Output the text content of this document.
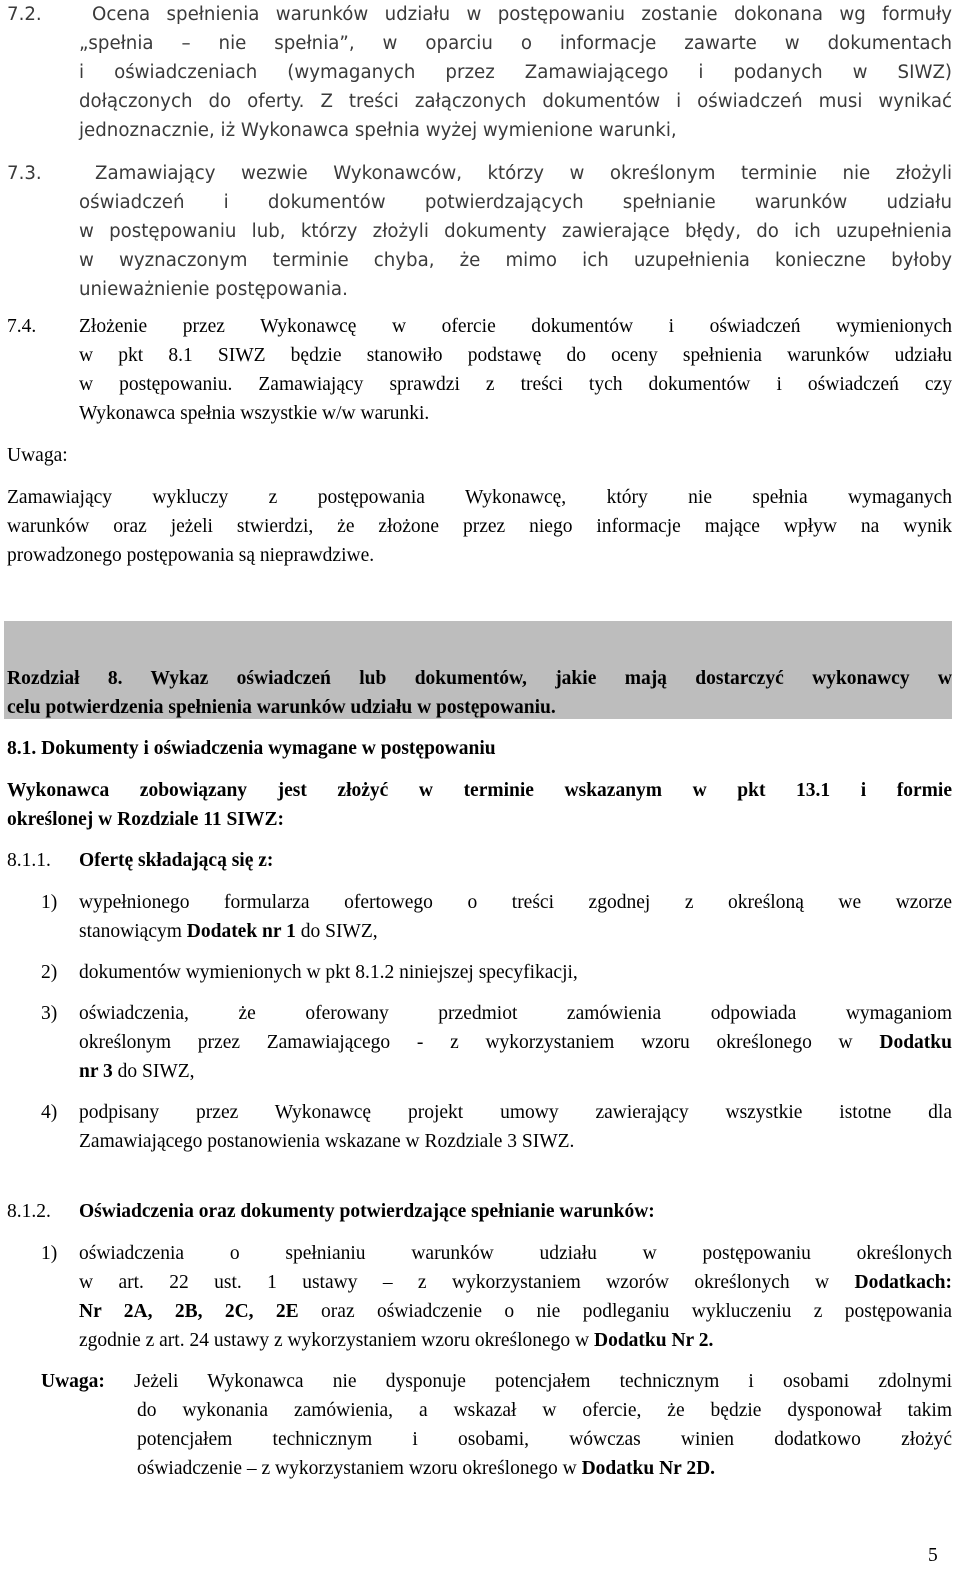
7.2.	Ocena spełnienia warunków udziału w postępowaniu zostanie dokonana wg formuły
„spełnia – nie spełnia”, w oparciu o informacje zawarte w dokumentach
i oświadczeniach (wymaganych przez Zamawiającego i podanych w SIWZ)
dołączonych do oferty. Z treści załączonych dokumentów i oświadczeń musi wynikać
jednoznacznie, iż Wykonawca spełnia wyżej wymienione warunki,
7.3.	Zamawiający wezwie Wykonawców, którzy w określonym terminie nie złożyli
oświadczeń i dokumentów potwierdzających spełnianie warunków udziału
w postępowaniu lub, którzy złożyli dokumenty zawierające błędy, do ich uzupełnienia
w wyznaczonym terminie chyba, że mimo ich uzupełnienia konieczne byłoby
unieważnienie postępowania.
7.4. Złożenie przez Wykonawcę w ofercie dokumentów i oświadczeń wymienionych
w pkt 8.1 SIWZ będzie stanowiło podstawę do oceny spełnienia warunków udziału
w postępowaniu. Zamawiający sprawdzi z treści tych dokumentów i oświadczeń czy
Wykonawca spełnia wszystkie w/w warunki.
Uwaga:
Zamawiający wykluczy z postępowania Wykonawcę, który nie spełnia wymaganych
warunków oraz jeżeli stwierdzi, że złożone przez niego informacje mające wpływ na wynik
prowadzonego postępowania są nieprawdziwe.
Rozdział 8. Wykaz oświadczeń lub dokumentów, jakie mają dostarczyć wykonawcy w
celu potwierdzenia spełnienia warunków udziału w postępowaniu.
8.1. Dokumenty i oświadczenia wymagane w postępowaniu
Wykonawca zobowiązany jest złożyć w terminie wskazanym w pkt 13.1 i formie
określonej w Rozdziale 11 SIWZ:
8.1.1. Ofertę składającą się z:
1) wypełnionego formularza ofertowego o treści zgodnej z określoną we wzorze
stanowiącym Dodatek nr 1 do SIWZ,
2) dokumentów wymienionych w pkt 8.1.2 niniejszej specyfikacji,
3) oświadczenia, że oferowany przedmiot zamówienia odpowiada wymaganiom
określonym przez Zamawiającego - z wykorzystaniem wzoru określonego w Dodatku
nr 3 do SIWZ,
4) podpisany przez Wykonawcę projekt umowy zawierający wszystkie istotne dla
Zamawiającego postanowienia wskazane w Rozdziale 3 SIWZ.
8.1.2. Oświadczenia oraz dokumenty potwierdzające spełnianie warunków:
1) oświadczenia o spełnianiu warunków udziału w postępowaniu określonych
w art. 22 ust. 1 ustawy – z wykorzystaniem wzorów określonych w Dodatkach:
Nr 2A, 2B, 2C, 2E oraz oświadczenie o nie podleganiu wykluczeniu z postępowania
zgodnie z art. 24 ustawy z wykorzystaniem wzoru określonego w Dodatku Nr 2.
Uwaga: Jeżeli Wykonawca nie dysponuje potencjałem technicznym i osobami zdolnymi
do wykonania zamówienia, a wskazał w ofercie, że będzie dysponował takim
potencjałem technicznym i osobami, wówczas winien dodatkowo złożyć
oświadczenie – z wykorzystaniem wzoru określonego w Dodatku Nr 2D.
5
